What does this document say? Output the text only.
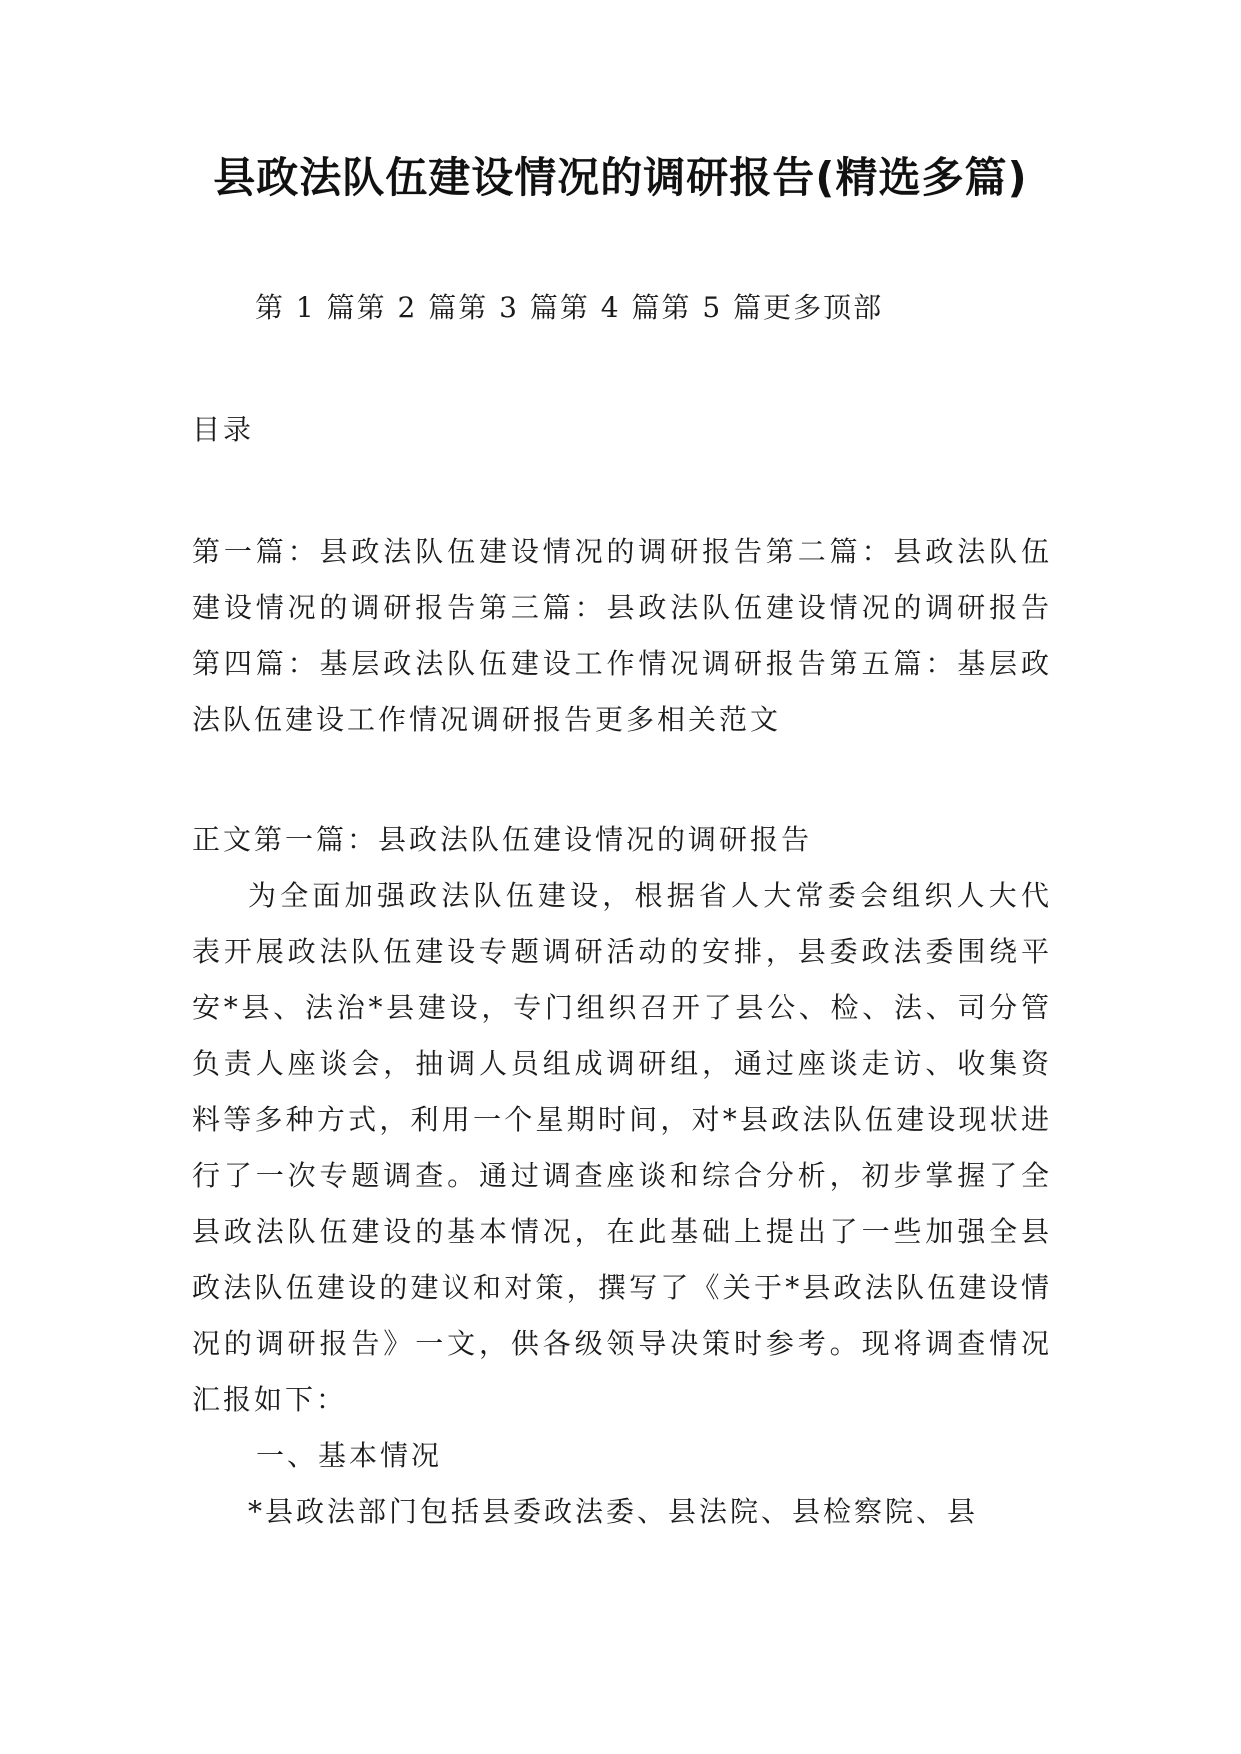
县政法队伍建设情况的调研报告(精选多篇)
第 1 篇第 2 篇第 3 篇第 4 篇第 5 篇更多顶部
目录
第一篇：县政法队伍建设情况的调研报告第二篇：县政法队伍建设情况的调研报告第三篇：县政法队伍建设情况的调研报告第四篇：基层政法队伍建设工作情况调研报告第五篇：基层政法队伍建设工作情况调研报告更多相关范文

正文第一篇：县政法队伍建设情况的调研报告

为全面加强政法队伍建设，根据省人大常委会组织人大代表开展政法队伍建设专题调研活动的安排，县委政法委围绕平安*县、法治*县建设，专门组织召开了县公、检、法、司分管负责人座谈会，抽调人员组成调研组，通过座谈走访、收集资料等多种方式，利用一个星期时间，对*县政法队伍建设现状进行了一次专题调查。通过调查座谈和综合分析，初步掌握了全县政法队伍建设的基本情况，在此基础上提出了一些加强全县政法队伍建设的建议和对策，撰写了《关于*县政法队伍建设情况的调研报告》一文，供各级领导决策时参考。现将调查情况汇报如下：

一、基本情况

*县政法部门包括县委政法委、县法院、县检察院、县
